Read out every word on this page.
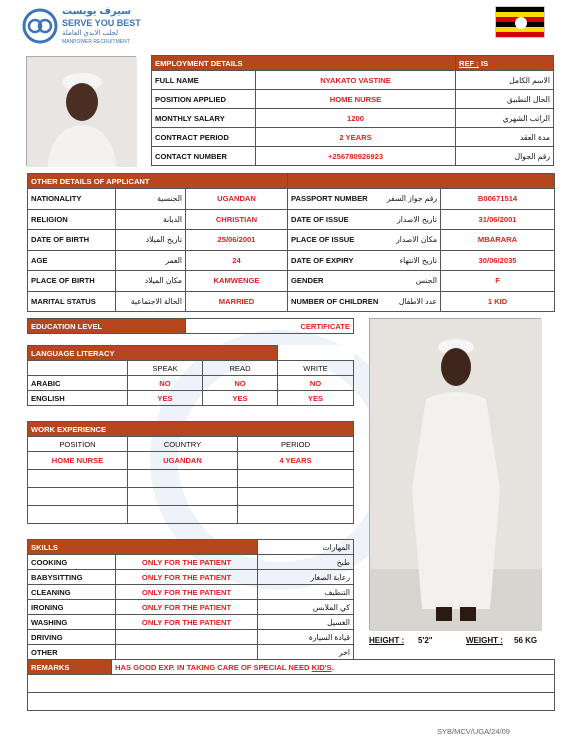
سيرف يوبست
SERVE YOU BEST
لجلب الايدي العاملة
MANPOWER RECRUITMENT
EMPLOYMENT DETAILS		REF : IS
FULL NAME	NYAKATO VASTINE	الاسم الكامل
POSITION APPLIED	HOME NURSE	الحال التطبيق
MONTHLY SALARY	1200	الراتب الشهري
CONTRACT PERIOD	2 YEARS	مدة العقد
CONTACT NUMBER	+256780926923	رقم الجوال
OTHER DETAILS OF APPLICANT					
NATIONALITY	الجنسية	UGANDAN	PASSPORT NUMBER	رقم جواز السفر	B00671514
RELIGION	الديانة	CHRISTIAN	DATE OF ISSUE	تاريخ الاصدار	31/06/2001
DATE OF BIRTH	تاريخ الميلاد	25/06/2001	PLACE OF ISSUE	مكان الاصدار	MBARARA
AGE	العمر	24	DATE OF EXPIRY	تاريخ الانتهاء	30/06/2035
PLACE OF BIRTH	مكان الميلاد	KAMWENGE	GENDER	الجنس	F
MARITAL STATUS	الحالة الاجتماعية	MARRIED	NUMBER OF CHILDREN	عدد الاطفال	1 KID
EDUCATION LEVEL	CERTIFICATE
LANGUAGE LITERACY			
	SPEAK	READ	WRITE
ARABIC	NO	NO	NO
ENGLISH	YES	YES	YES
WORK EXPERIENCE		
POSITION	COUNTRY	PERIOD
HOME NURSE	UGANDAN	4 YEARS

SKILLS		المهارات
COOKING	ONLY FOR THE PATIENT	طبخ
BABYSITTING	ONLY FOR THE PATIENT	رعاية الصغار
CLEANING	ONLY FOR THE PATIENT	التنظيف
IRONING	ONLY FOR THE PATIENT	كي الملابس
WASHING	ONLY FOR THE PATIENT	الغسيل
DRIVING		قيادة السيارة
OTHER		اخر
HEIGHT : 5'2"	WEIGHT : 56 KG
REMARKS	HAS GOOD EXP. IN TAKING CARE OF SPECIAL NEED KID'S.

SYB/MCV/UGA/24/09
